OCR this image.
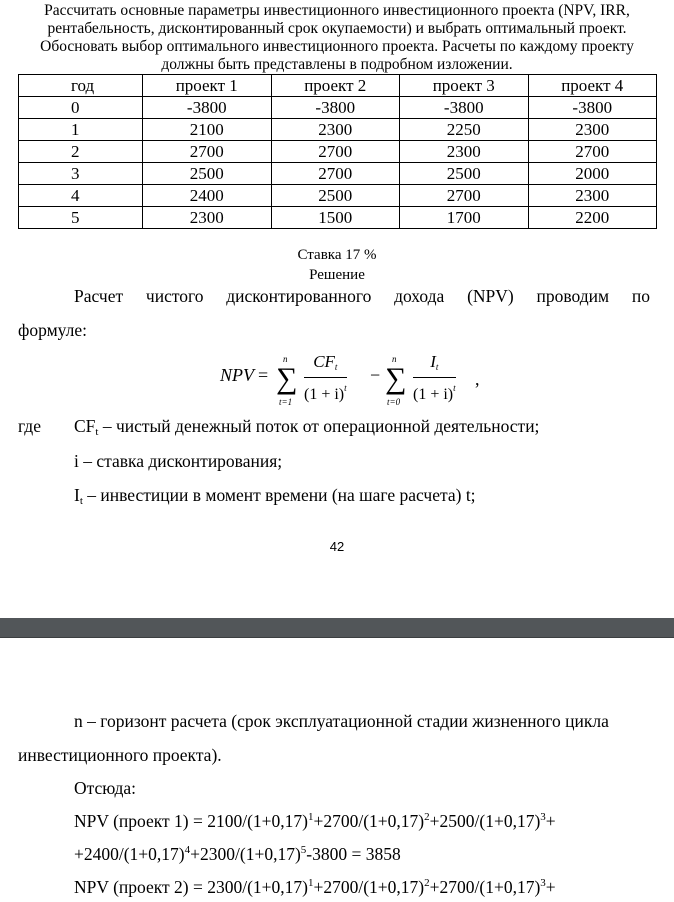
Рассчитать основные параметры инвестиционного инвестиционного проекта (NPV, IRR, рентабельность, дисконтированный срок окупаемости) и выбрать оптимальный проект. Обосновать выбор оптимального инвестиционного проекта. Расчеты по каждому проекту должны быть представлены в подробном изложении.
год	проект 1	проект 2	проект 3	проект 4
0	-3800	-3800	-3800	-3800
1	2100	2300	2250	2300
2	2700	2700	2300	2700
3	2500	2700	2500	2000
4	2400	2500	2700	2300
5	2300	1500	1700	2200
Ставка 17 %
Решение
Расчет чистого дисконтированного дохода (NPV) проводим по
формуле:
NPV =
n
∑
t=1
$CF_t$
$(1 + i)^t$
−
n
∑
$t=0 \frac{I_t}{(1 + i)^t}$ ,
где $CF_t$ – чистый денежный поток от операционной деятельности;
i – ставка дисконтирования;
$I_t$ – инвестиции в момент времени (на шаге расчета) t;
42
n – горизонт расчета (срок эксплуатационной стадии жизненного цикла
инвестиционного проекта).
Отсюда:
NPV (проект $1) = 2100/(1+0,17)^1+2700/(1+0,17)^2+2500/(1+0,17)^3+$
$+2400/(1+0,17)^4+2300/(1+0,17)^5-3800 = 3858$
NPV (проект $2) = 2300/(1+0,17)^1+2700/(1+0,17)^2+2700/(1+0,17)^3+$
